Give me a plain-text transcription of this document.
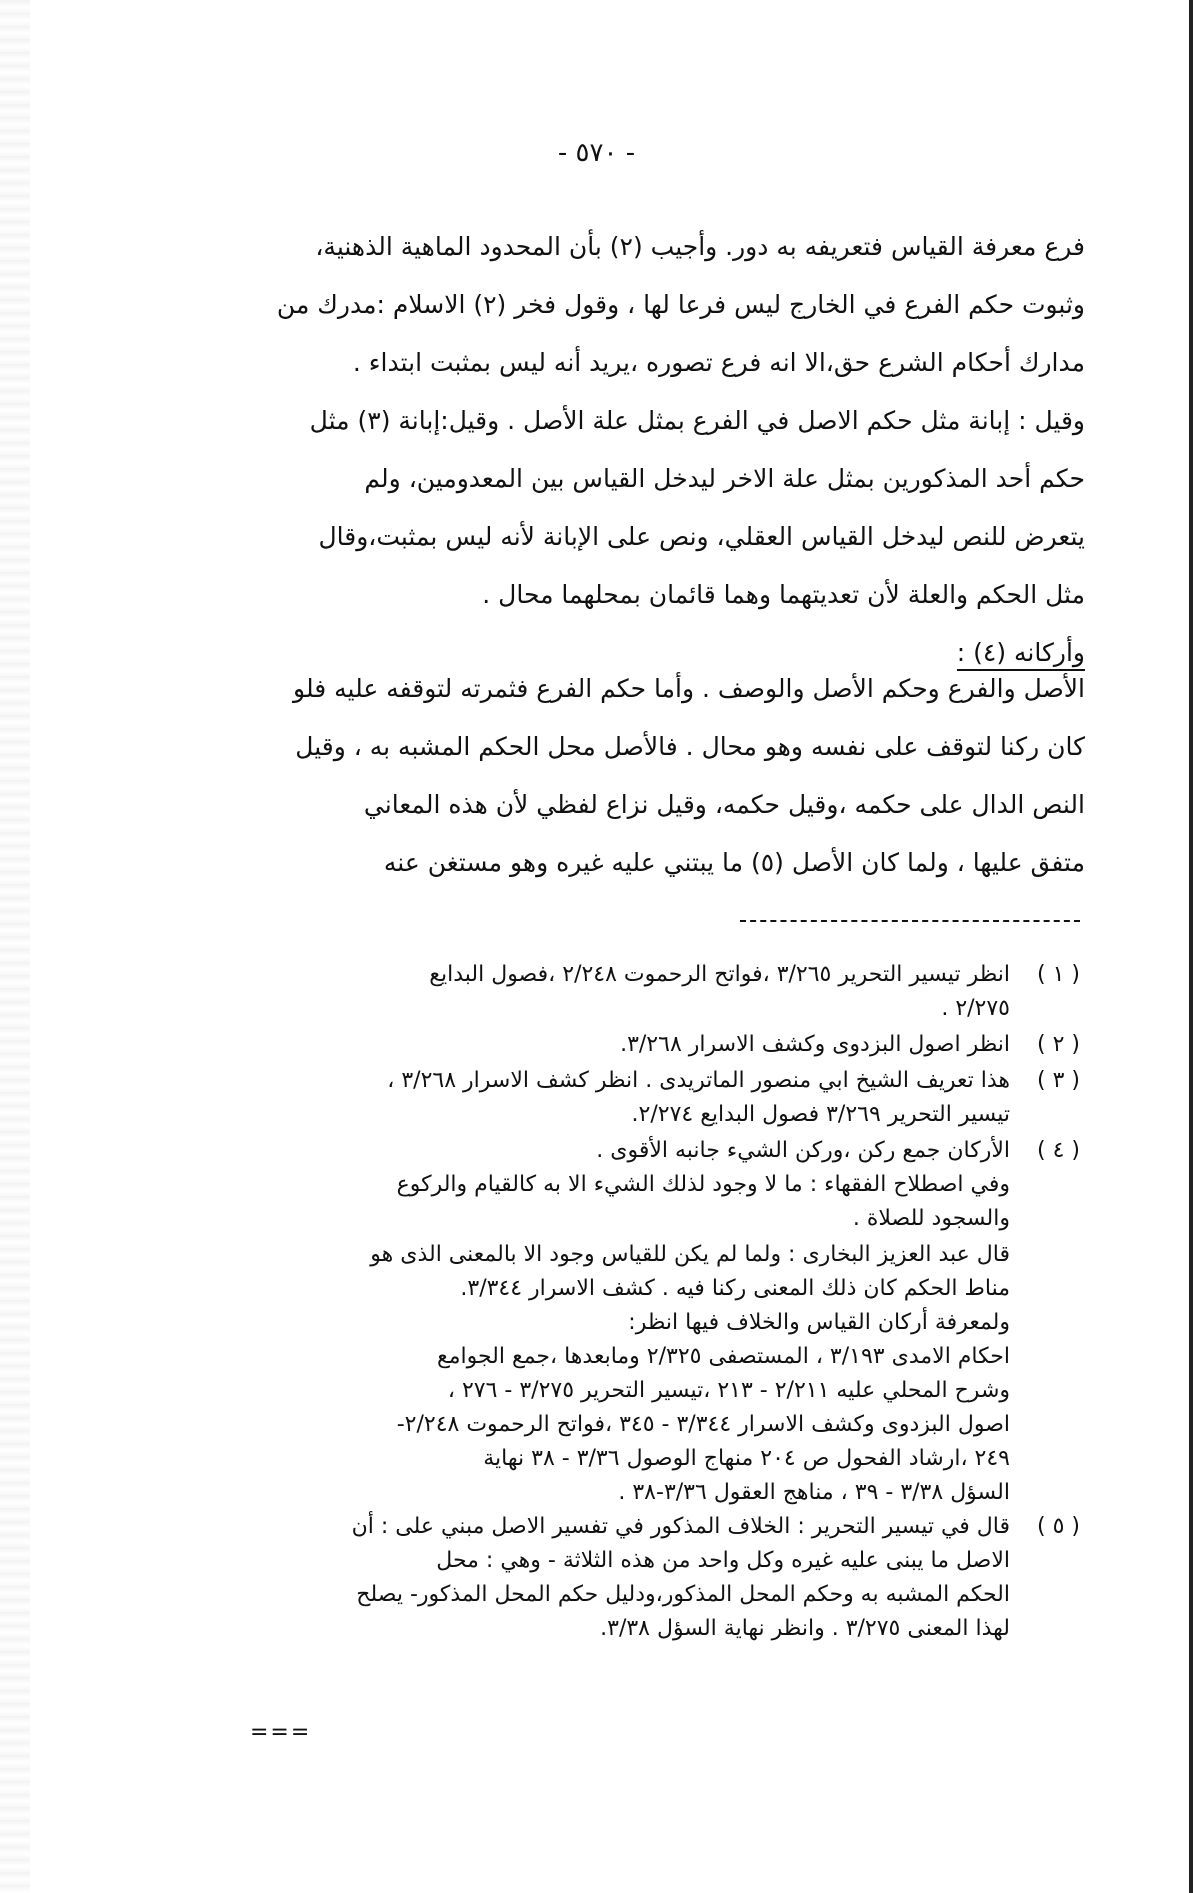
- ٥٧٠ -

فرع معرفة القياس فتعريفه به دور. وأجيب (٢) بأن المحدود الماهية الذهنية،

وثبوت حكم الفرع في الخارج ليس فرعا لها ، وقول فخر (٢) الاسلام :مدرك من

مدارك أحكام الشرع حق،الا انه فرع تصوره ،يريد أنه ليس بمثبت ابتداء .

وقيل : إبانة مثل حكم الاصل في الفرع بمثل علة الأصل . وقيل:إبانة (٣) مثل

حكم أحد المذكورين بمثل علة الاخر ليدخل القياس بين المعدومين، ولم

يتعرض للنص ليدخل القياس العقلي، ونص على الإبانة لأنه ليس بمثبت،وقال

مثل الحكم والعلة لأن تعديتهما وهما قائمان بمحلهما محال .

وأركانه (٤) :

الأصل والفرع وحكم الأصل والوصف . وأما حكم الفرع فثمرته لتوقفه عليه فلو

كان ركنا لتوقف على نفسه وهو محال . فالأصل محل الحكم المشبه به ، وقيل

النص الدال على حكمه ،وقيل حكمه، وقيل نزاع لفظي لأن هذه المعاني

متفق عليها ، ولما كان الأصل (٥) ما يبتني عليه غيره وهو مستغن عنه

( ١ )
انظر تيسير التحرير ٣/٢٦٥ ،فواتح الرحموت ٢/٢٤٨ ،فصول البدايع
٢/٢٧٥ .
( ٢ )
انظر اصول البزدوى وكشف الاسرار ٣/٢٦٨.
( ٣ )
هذا تعريف الشيخ ابي منصور الماتريدى . انظر كشف الاسرار ٣/٢٦٨ ،
تيسير التحرير ٣/٢٦٩ فصول البدايع ٢/٢٧٤.
( ٤ )
الأركان جمع ركن ،وركن الشيء جانبه الأقوى .
وفي اصطلاح الفقهاء : ما لا وجود لذلك الشيء الا به كالقيام والركوع
والسجود للصلاة .
قال عبد العزيز البخارى : ولما لم يكن للقياس وجود الا بالمعنى الذى هو
مناط الحكم كان ذلك المعنى ركنا فيه . كشف الاسرار ٣/٣٤٤.
ولمعرفة أركان القياس والخلاف فيها انظر:
احكام الامدى ٣/١٩٣ ، المستصفى ٢/٣٢٥ ومابعدها ،جمع الجوامع
وشرح المحلي عليه ٢/٢١١ - ٢١٣ ،تيسير التحرير ٣/٢٧٥ - ٢٧٦ ،
اصول البزدوى وكشف الاسرار ٣/٣٤٤ - ٣٤٥ ،فواتح الرحموت ٢/٢٤٨-
٢٤٩ ،ارشاد الفحول ص ٢٠٤ منهاج الوصول ٣/٣٦ - ٣٨ نهاية
السؤل ٣/٣٨ - ٣٩ ، مناهج العقول ٣/٣٦-٣٨ .
( ٥ )
قال في تيسير التحرير : الخلاف المذكور في تفسير الاصل مبني على : أن
الاصل ما يبنى عليه غيره وكل واحد من هذه الثلاثة - وهي : محل
الحكم المشبه به وحكم المحل المذكور،ودليل حكم المحل المذكور- يصلح
لهذا المعنى ٣/٢٧٥ . وانظر نهاية السؤل ٣/٣٨.
===
